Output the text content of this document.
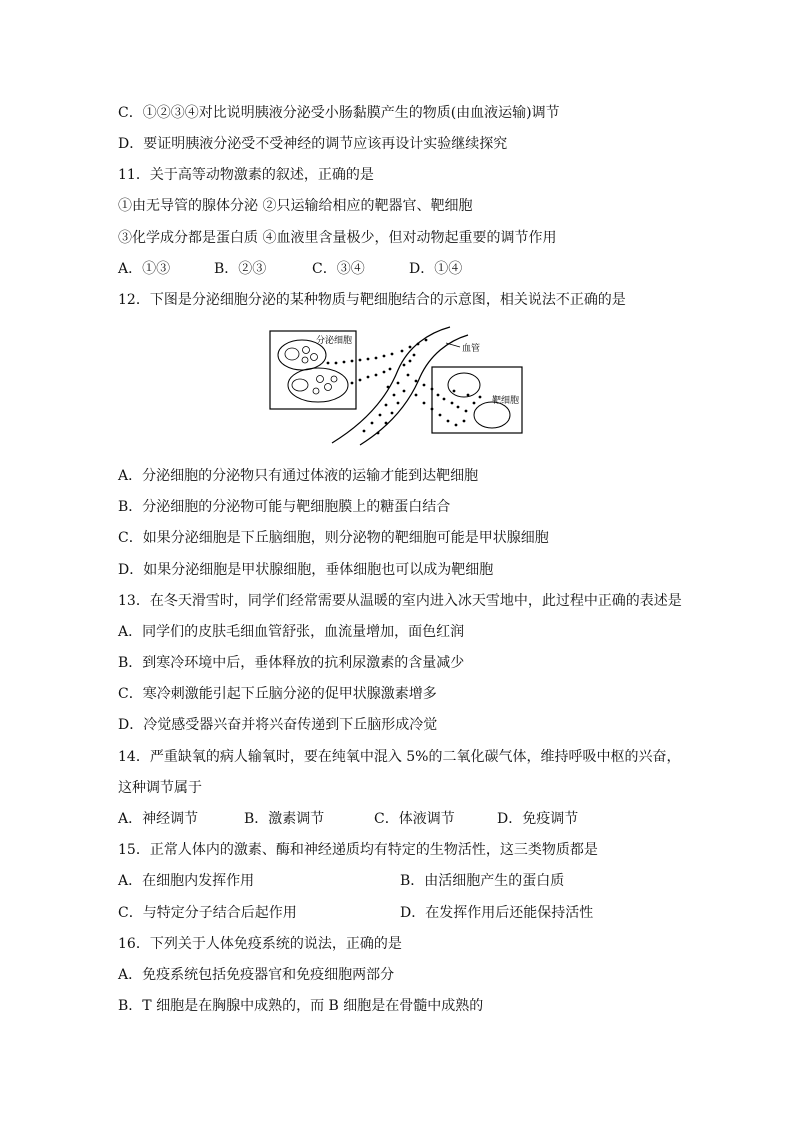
C．①②③④对比说明胰液分泌受小肠黏膜产生的物质(由血液运输)调节
D．要证明胰液分泌受不受神经的调节应该再设计实验继续探究
11．关于高等动物激素的叙述，正确的是
①由无导管的腺体分泌 ②只运输给相应的靶器官、靶细胞
③化学成分都是蛋白质 ④血液里含量极少，但对动物起重要的调节作用
A．①③	B．②③	C．③④	D．①④
12．下图是分泌细胞分泌的某种物质与靶细胞结合的示意图，相关说法不正确的是
分泌细胞
血管
靶细胞
A．分泌细胞的分泌物只有通过体液的运输才能到达靶细胞
B．分泌细胞的分泌物可能与靶细胞膜上的糖蛋白结合
C．如果分泌细胞是下丘脑细胞，则分泌物的靶细胞可能是甲状腺细胞
D．如果分泌细胞是甲状腺细胞，垂体细胞也可以成为靶细胞
13．在冬天滑雪时，同学们经常需要从温暖的室内进入冰天雪地中，此过程中正确的表述是
A．同学们的皮肤毛细血管舒张，血流量增加，面色红润
B．到寒冷环境中后，垂体释放的抗利尿激素的含量减少
C．寒冷刺激能引起下丘脑分泌的促甲状腺激素增多
D．冷觉感受器兴奋并将兴奋传递到下丘脑形成冷觉
14．严重缺氧的病人输氧时，要在纯氧中混入 5%的二氧化碳气体，维持呼吸中枢的兴奋，
这种调节属于
A．神经调节	B．激素调节	C．体液调节	D．免疫调节
15．正常人体内的激素、酶和神经递质均有特定的生物活性，这三类物质都是
A．在细胞内发挥作用	B．由活细胞产生的蛋白质
C．与特定分子结合后起作用	D．在发挥作用后还能保持活性
16．下列关于人体免疫系统的说法，正确的是
A．免疫系统包括免疫器官和免疫细胞两部分
B．T 细胞是在胸腺中成熟的，而 B 细胞是在骨髓中成熟的
